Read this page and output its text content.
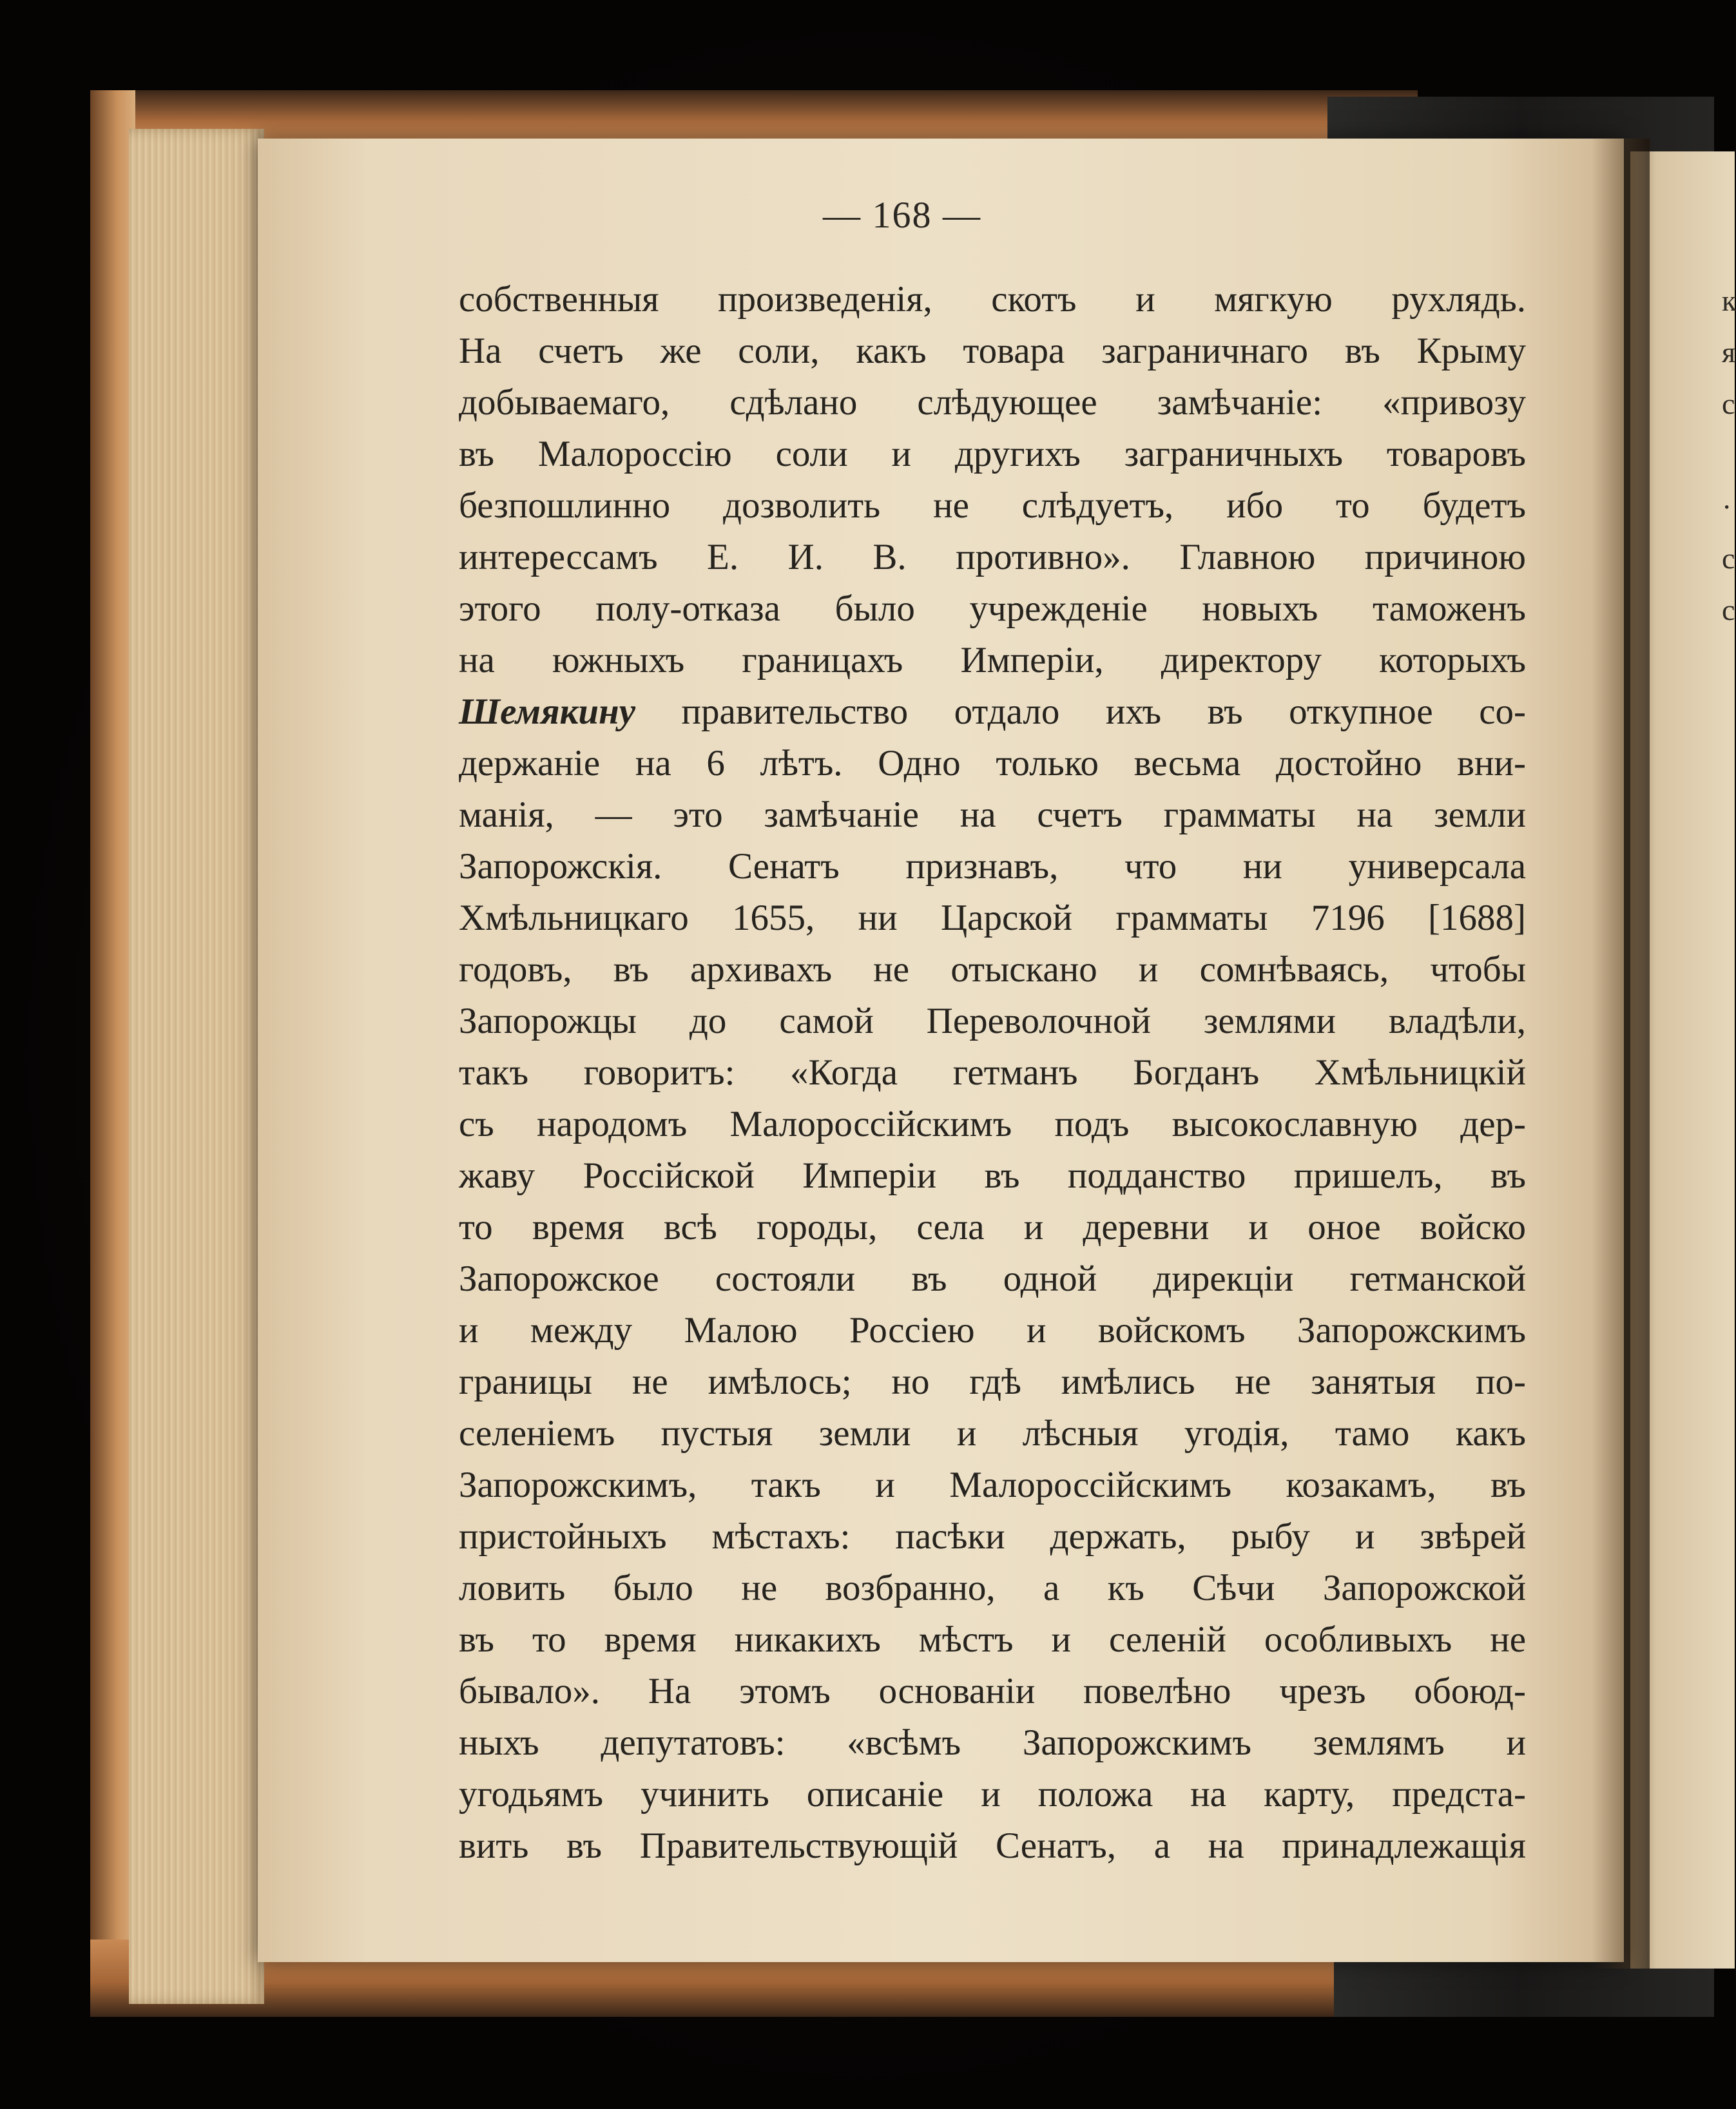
к
я
с
·
с
с
— 168 —
собственныя произведенія, скотъ и мягкую рухлядь.
На счетъ же соли, какъ товара заграничнаго въ Крыму
добываемаго, сдѣлано слѣдующее замѣчаніе: «привозу
въ Малороссію соли и другихъ заграничныхъ товаровъ
безпошлинно дозволить не слѣдуетъ, ибо то будетъ
интерессамъ Е. И. В. противно». Главною причиною
этого полу-отказа было учрежденіе новыхъ таможенъ
на южныхъ границахъ Имперіи, директору которыхъ
Шемякину правительство отдало ихъ въ откупное со-
держаніе на 6 лѣтъ. Одно только весьма достойно вни-
манія, — это замѣчаніе на счетъ грамматы на земли
Запорожскія. Сенатъ признавъ, что ни универсала
Хмѣльницкаго 1655, ни Царской грамматы 7196 [1688]
годовъ, въ архивахъ не отыскано и сомнѣваясь, чтобы
Запорожцы до самой Переволочной землями владѣли,
такъ говоритъ: «Когда гетманъ Богданъ Хмѣльницкій
съ народомъ Малороссійскимъ подъ высокославную дер-
жаву Россійской Имперіи въ подданство пришелъ, въ
то время всѣ городы, села и деревни и оное войско
Запорожское состояли въ одной дирекціи гетманской
и между Малою Россіею и войскомъ Запорожскимъ
границы не имѣлось; но гдѣ имѣлись не занятыя по-
селеніемъ пустыя земли и лѣсныя угодія, тамо какъ
Запорожскимъ, такъ и Малороссійскимъ козакамъ, въ
пристойныхъ мѣстахъ: пасѣки держать, рыбу и звѣрей
ловить было не возбранно, а къ Сѣчи Запорожской
въ то время никакихъ мѣстъ и селеній особливыхъ не
бывало». На этомъ основаніи повелѣно чрезъ обоюд-
ныхъ депутатовъ: «всѣмъ Запорожскимъ землямъ и
угодьямъ учинить описаніе и положа на карту, предста-
вить въ Правительствующій Сенатъ, а на принадлежащія
